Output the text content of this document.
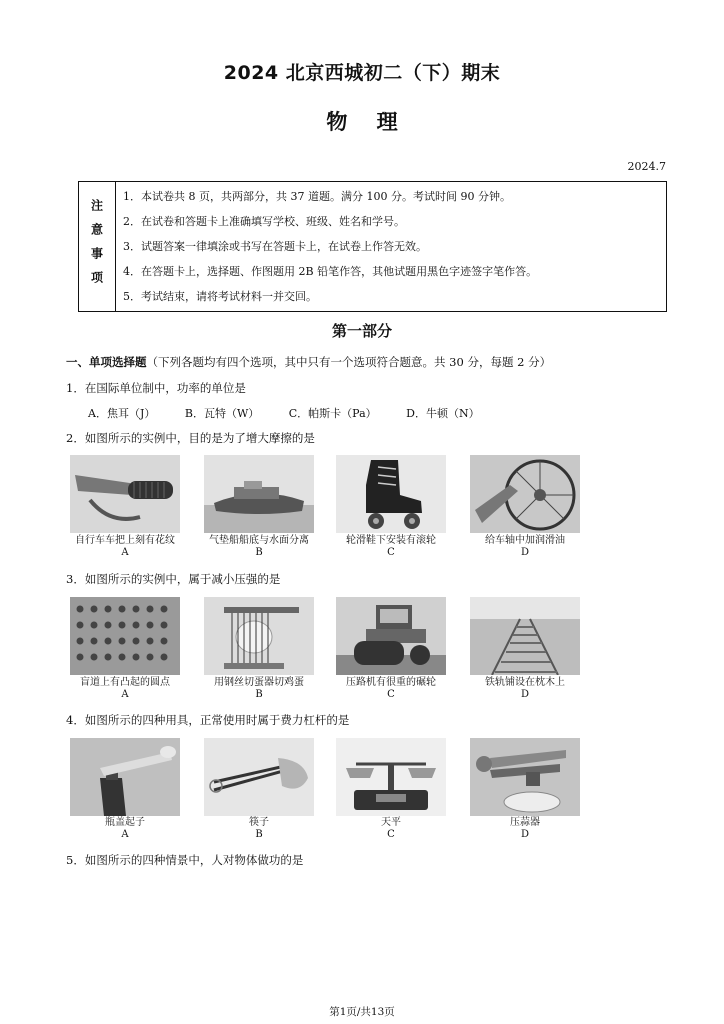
2024 北京西城初二（下）期末
物    理
2024.7
注意事项
1．本试卷共 8 页，共两部分，共 37 道题。满分 100 分。考试时间 90 分钟。
2．在试卷和答题卡上准确填写学校、班级、姓名和学号。
3．试题答案一律填涂或书写在答题卡上，在试卷上作答无效。
4．在答题卡上，选择题、作图题用 2B 铅笔作答，其他试题用黑色字迹签字笔作答。
5．考试结束，请将考试材料一并交回。
第一部分
一、单项选择题（下列各题均有四个选项，其中只有一个选项符合题意。共 30 分，每题 2 分）
1．在国际单位制中，功率的单位是
A．焦耳（J）	B．瓦特（W）	C．帕斯卡（Pa）	D．牛顿（N）
2．如图所示的实例中，目的是为了增大摩擦的是
自行车车把上刻有花纹
A
气垫船船底与水面分离
B
轮滑鞋下安装有滚轮
C
给车轴中加润滑油
D
3．如图所示的实例中，属于减小压强的是
盲道上有凸起的圆点
A
用钢丝切蛋器切鸡蛋
B
压路机有很重的碾轮
C
铁轨铺设在枕木上
D
4．如图所示的四种用具，正常使用时属于费力杠杆的是
瓶盖起子
A
筷子
B
天平
C
压蒜器
D
5．如图所示的四种情景中，人对物体做功的是
第1页/共13页
